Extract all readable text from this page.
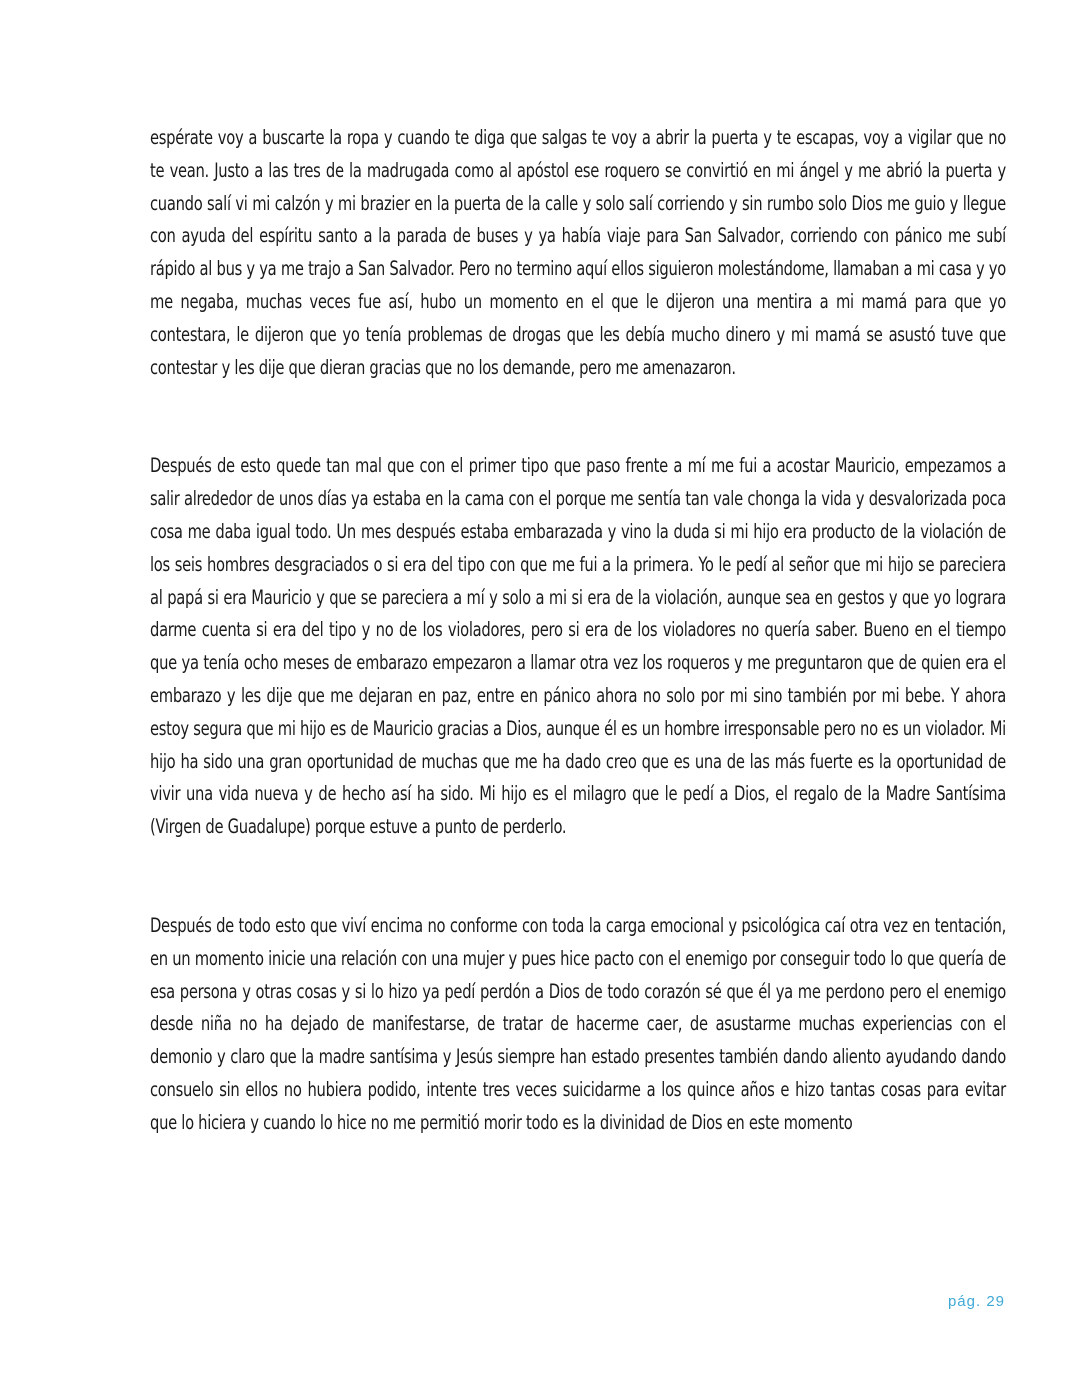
espérate voy a buscarte la ropa y cuando te diga que salgas te voy a abrir la puerta y te escapas, voy a vigilar que no te vean. Justo a las tres de la madrugada como al apóstol ese roquero se convirtió en mi ángel y me abrió la puerta y cuando salí vi mi calzón y mi brazier en la puerta de la calle y solo salí corriendo y sin rumbo solo Dios me guio y llegue con ayuda del espíritu santo a la parada de buses y ya había viaje para San Salvador, corriendo con pánico me subí rápido al bus y ya me trajo a San Salvador. Pero no termino aquí ellos siguieron molestándome, llamaban a mi casa y yo me negaba, muchas veces fue así, hubo un momento en el que le dijeron una mentira a mi mamá para que yo contestara, le dijeron que yo tenía problemas de drogas que les debía mucho dinero y mi mamá se asustó tuve que contestar y les dije que dieran gracias que no los demande, pero me amenazaron.

Después de esto quede tan mal que con el primer tipo que paso frente a mí me fui a acostar Mauricio, empezamos a salir alrededor de unos días ya estaba en la cama con el porque me sentía tan vale chonga la vida y desvalorizada poca cosa me daba igual todo. Un mes después estaba embarazada y vino la duda si mi hijo era producto de la violación de los seis hombres desgraciados o si era del tipo con que me fui a la primera. Yo le pedí al señor que mi hijo se pareciera al papá si era Mauricio y que se pareciera a mí y solo a mi si era de la violación, aunque sea en gestos y que yo lograra darme cuenta si era del tipo y no de los violadores, pero si era de los violadores no quería saber. Bueno en el tiempo que ya tenía ocho meses de embarazo empezaron a llamar otra vez los roqueros y me preguntaron que de quien era el embarazo y les dije que me dejaran en paz, entre en pánico ahora no solo por mi sino también por mi bebe. Y ahora estoy segura que mi hijo es de Mauricio gracias a Dios, aunque él es un hombre irresponsable pero no es un violador. Mi hijo ha sido una gran oportunidad de muchas que me ha dado creo que es una de las más fuerte es la oportunidad de vivir una vida nueva y de hecho así ha sido. Mi hijo es el milagro que le pedí a Dios, el regalo de la Madre Santísima (Virgen de Guadalupe) porque estuve a punto de perderlo.

Después de todo esto que viví encima no conforme con toda la carga emocional y psicológica caí otra vez en tentación, en un momento inicie una relación con una mujer y pues hice pacto con el enemigo por conseguir todo lo que quería de esa persona y otras cosas y si lo hizo ya pedí perdón a Dios de todo corazón sé que él ya me perdono pero el enemigo desde niña no ha dejado de manifestarse, de tratar de hacerme caer, de asustarme muchas experiencias con el demonio y claro que la madre santísima y Jesús siempre han estado presentes también dando aliento ayudando dando consuelo sin ellos no hubiera podido, intente tres veces suicidarme a los quince años e hizo tantas cosas para evitar que lo hiciera y cuando lo hice no me permitió morir todo es la divinidad de Dios en este momento

pág. 29
